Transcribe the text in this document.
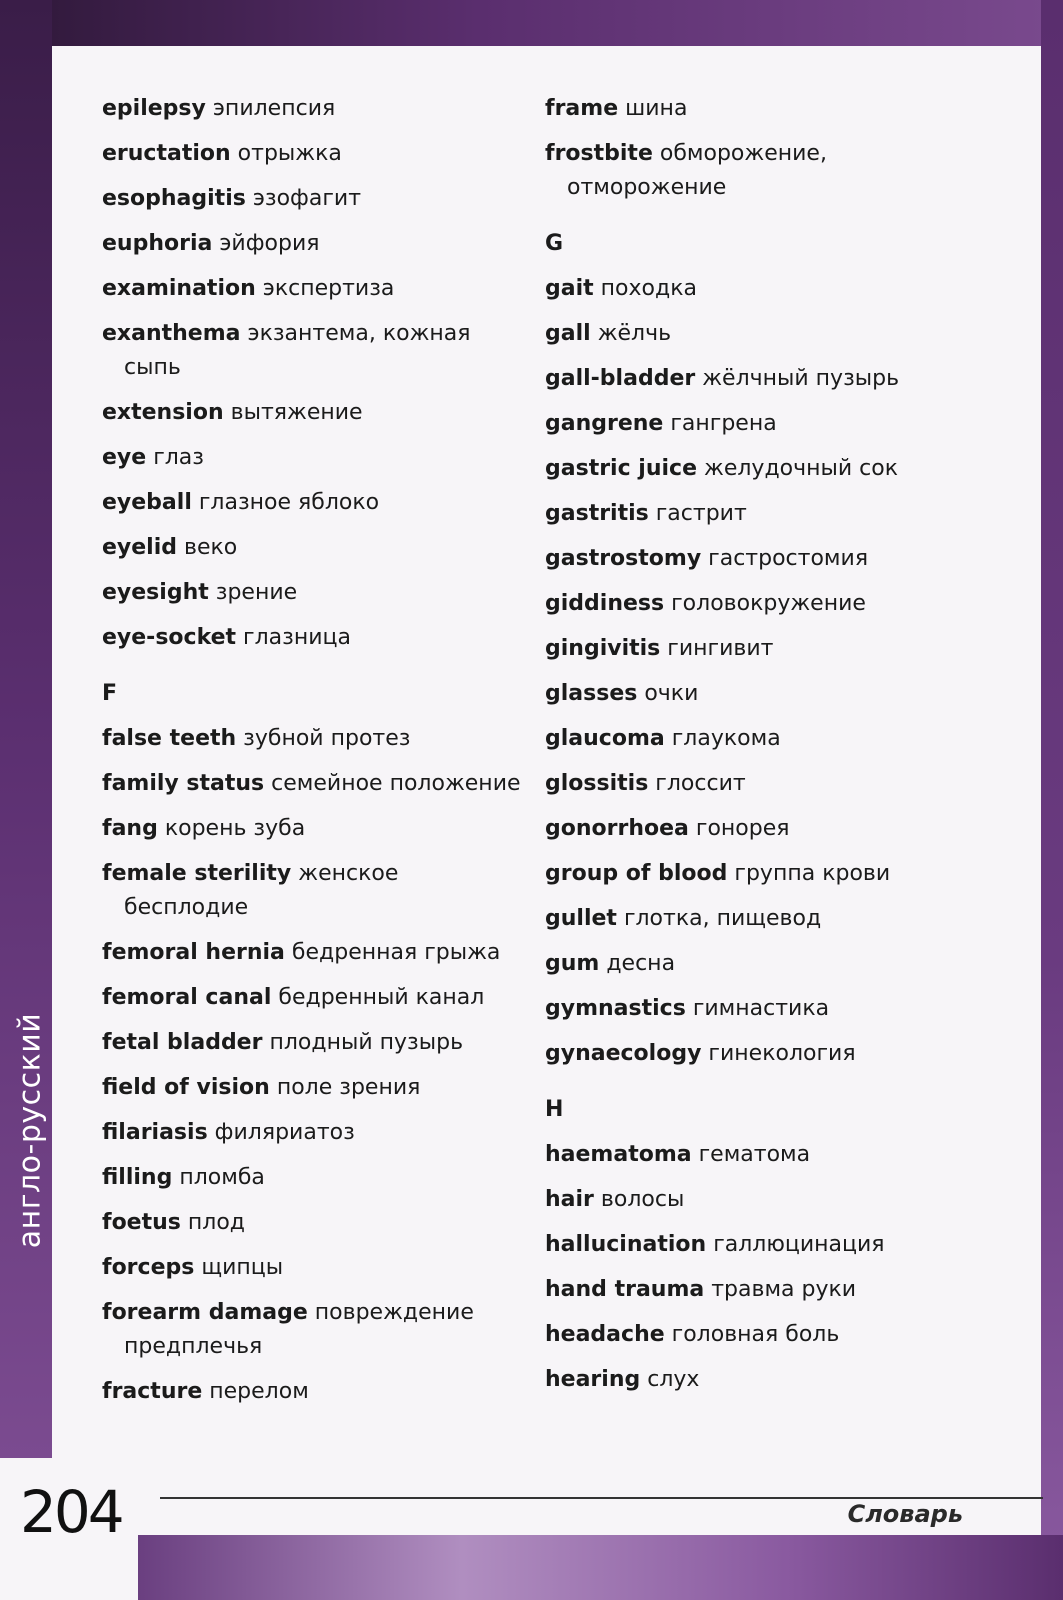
англо-русский
epilepsy эпилепсия
eructation отрыжка
esophagitis эзофагит
euphoria эйфория
examination экспертиза
exanthema экзантема, кожная сыпь
extension вытяжение
eye глаз
eyeball глазное яблоко
eyelid веко
eyesight зрение
eye-socket глазница
F
false teeth зубной протез
family status семейное положение
fang корень зуба
female sterility женское бесплодие
femoral hernia бедренная грыжа
femoral canal бедренный канал
fetal bladder плодный пузырь
field of vision поле зрения
filariasis филяриатоз
filling пломба
foetus плод
forceps щипцы
forearm damage повреждение предплечья
fracture перелом
frame шина
frostbite обморожение, отморожение
G
gait походка
gall жёлчь
gall-bladder жёлчный пузырь
gangrene гангрена
gastric juice желудочный сок
gastritis гастрит
gastrostomy гастростомия
giddiness головокружение
gingivitis гингивит
glasses очки
glaucoma глаукома
glossitis глоссит
gonorrhoea гонорея
group of blood группа крови
gullet глотка, пищевод
gum десна
gymnastics гимнастика
gynaecology гинекология
H
haematoma гематома
hair волосы
hallucination галлюцинация
hand trauma травма руки
headache головная боль
hearing слух
204	Словарь
